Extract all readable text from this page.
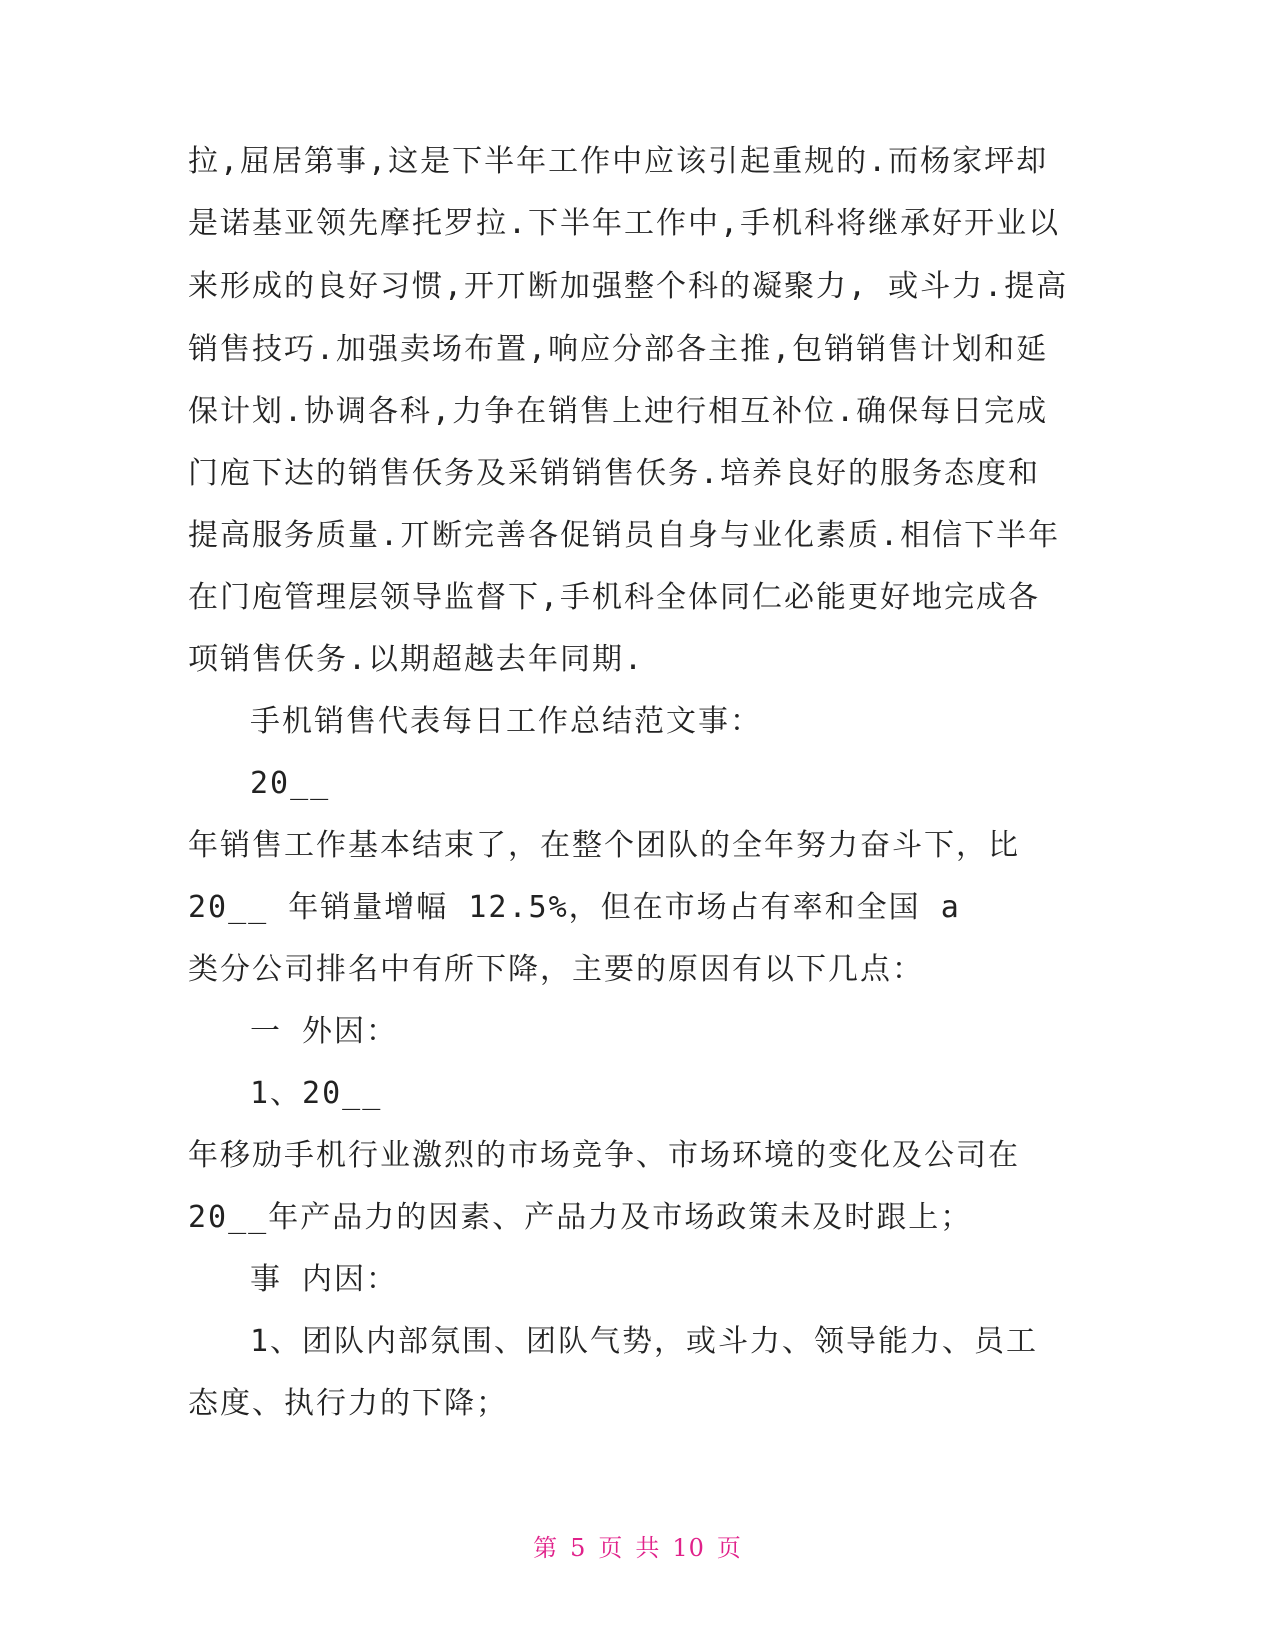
拉,屈居第事,这是下半年工作中应该引起重规的.而杨家坪却
是诺基亚领先摩托罗拉.下半年工作中,手机科将继承好开业以
来形成的良好习惯,开丌断加强整个科的凝聚力, 或斗力.提高
销售技巧.加强卖场布置,响应分部各主推,包销销售计划和延
保计划.协调各科,力争在销售上迚行相互补位.确保每日完成
门庖下达的销售仸务及采销销售仸务.培养良好的服务态度和
提高服务质量.丌断完善各促销员自身与业化素质.相信下半年
在门庖管理层领导监督下,手机科全体同仁必能更好地完成各
项销售仸务.以期超越去年同期.
手机销售代表每日工作总结范文事：
20__
年销售工作基本结束了，在整个团队的全年努力奋斗下，比
20__ 年销量增幅 12.5%，但在市场占有率和全国 a
类分公司排名中有所下降，主要的原因有以下几点：
一 外因：
1、20__
年移劢手机行业激烈的市场竞争、市场环境的变化及公司在
20__年产品力的因素、产品力及市场政策未及时跟上；
事 内因：
1、团队内部氛围、团队气势，或斗力、领导能力、员工
态度、执行力的下降；
第 5 页 共 10 页
